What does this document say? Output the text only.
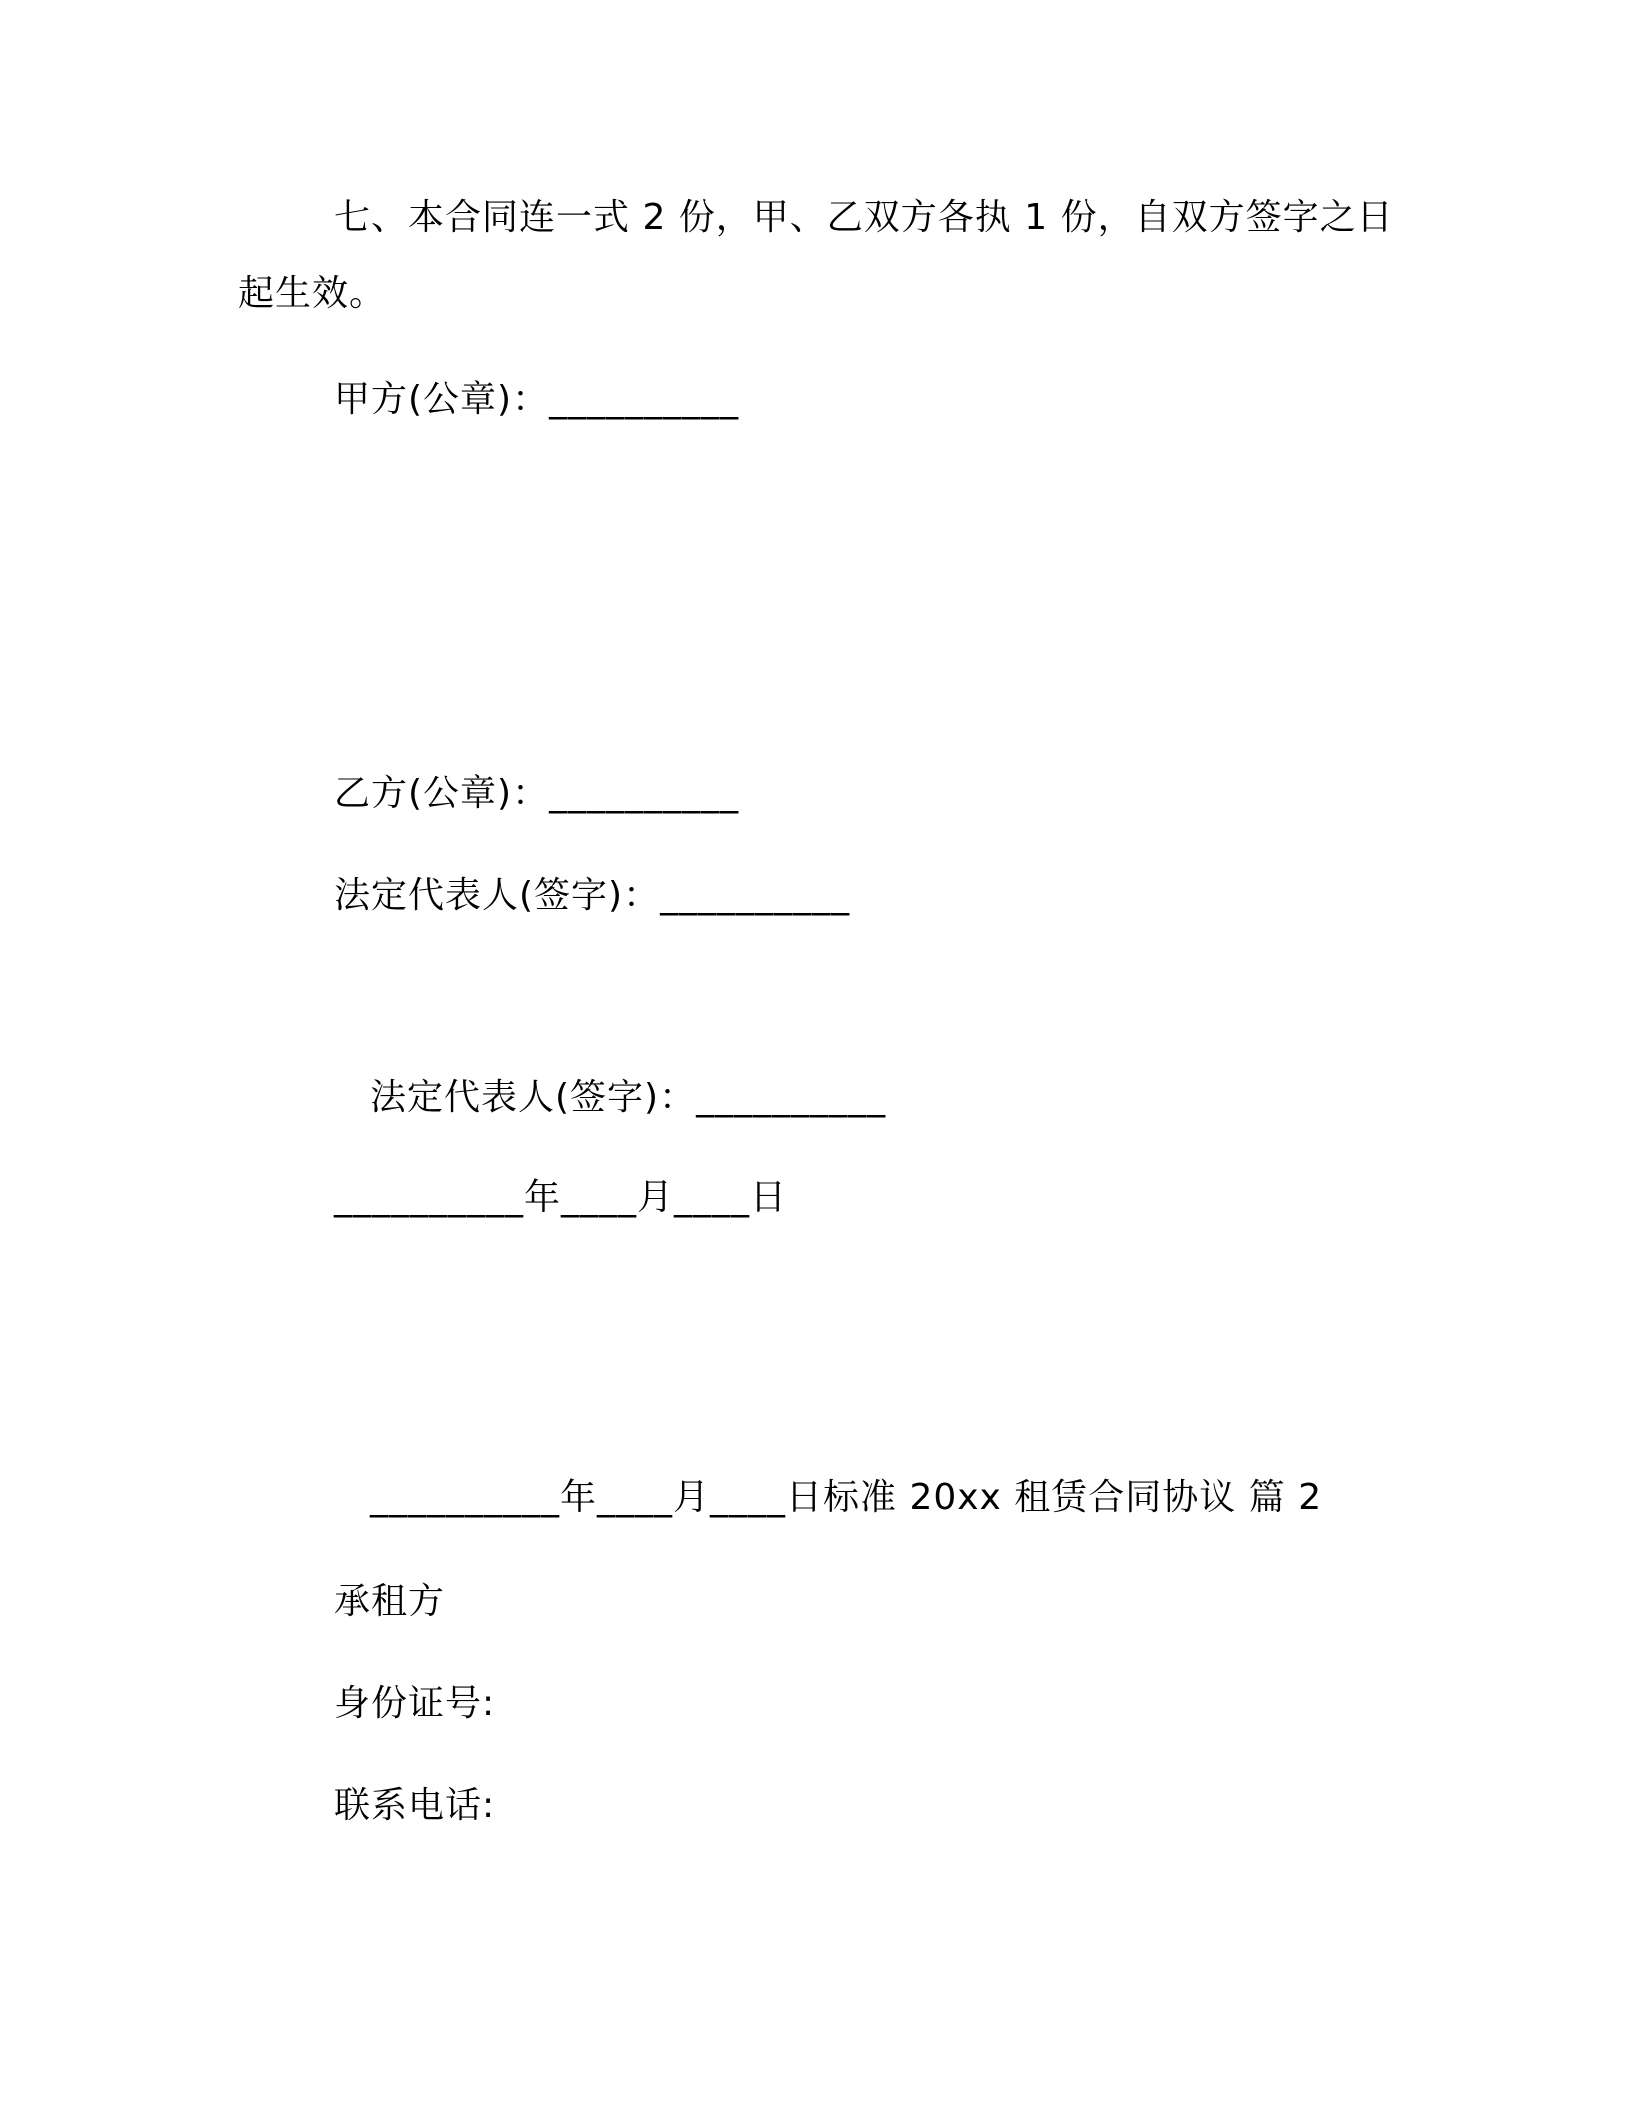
七、本合同连一式 2 份，甲、乙双方各执 1 份，自双方签字之日
起生效。
甲方(公章)：__________
乙方(公章)：__________
法定代表人(签字)：__________
法定代表人(签字)：__________
__________年____月____日
__________年____月____日标准 20xx 租赁合同协议 篇 2
承租方
身份证号:
联系电话:
